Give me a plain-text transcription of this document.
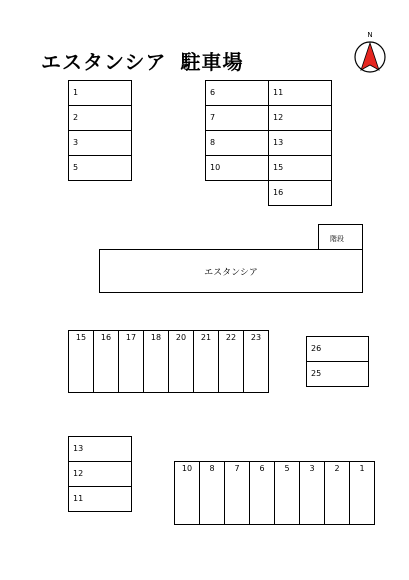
エスタンシア 駐車場
N
階段
エスタンシア
1
2
3
5
6
7
8
10
11
12
13
15
16
15	16	17	18	20	21	22	23
26
25
13
12
11
10	8	7	6	5	3	2	1
